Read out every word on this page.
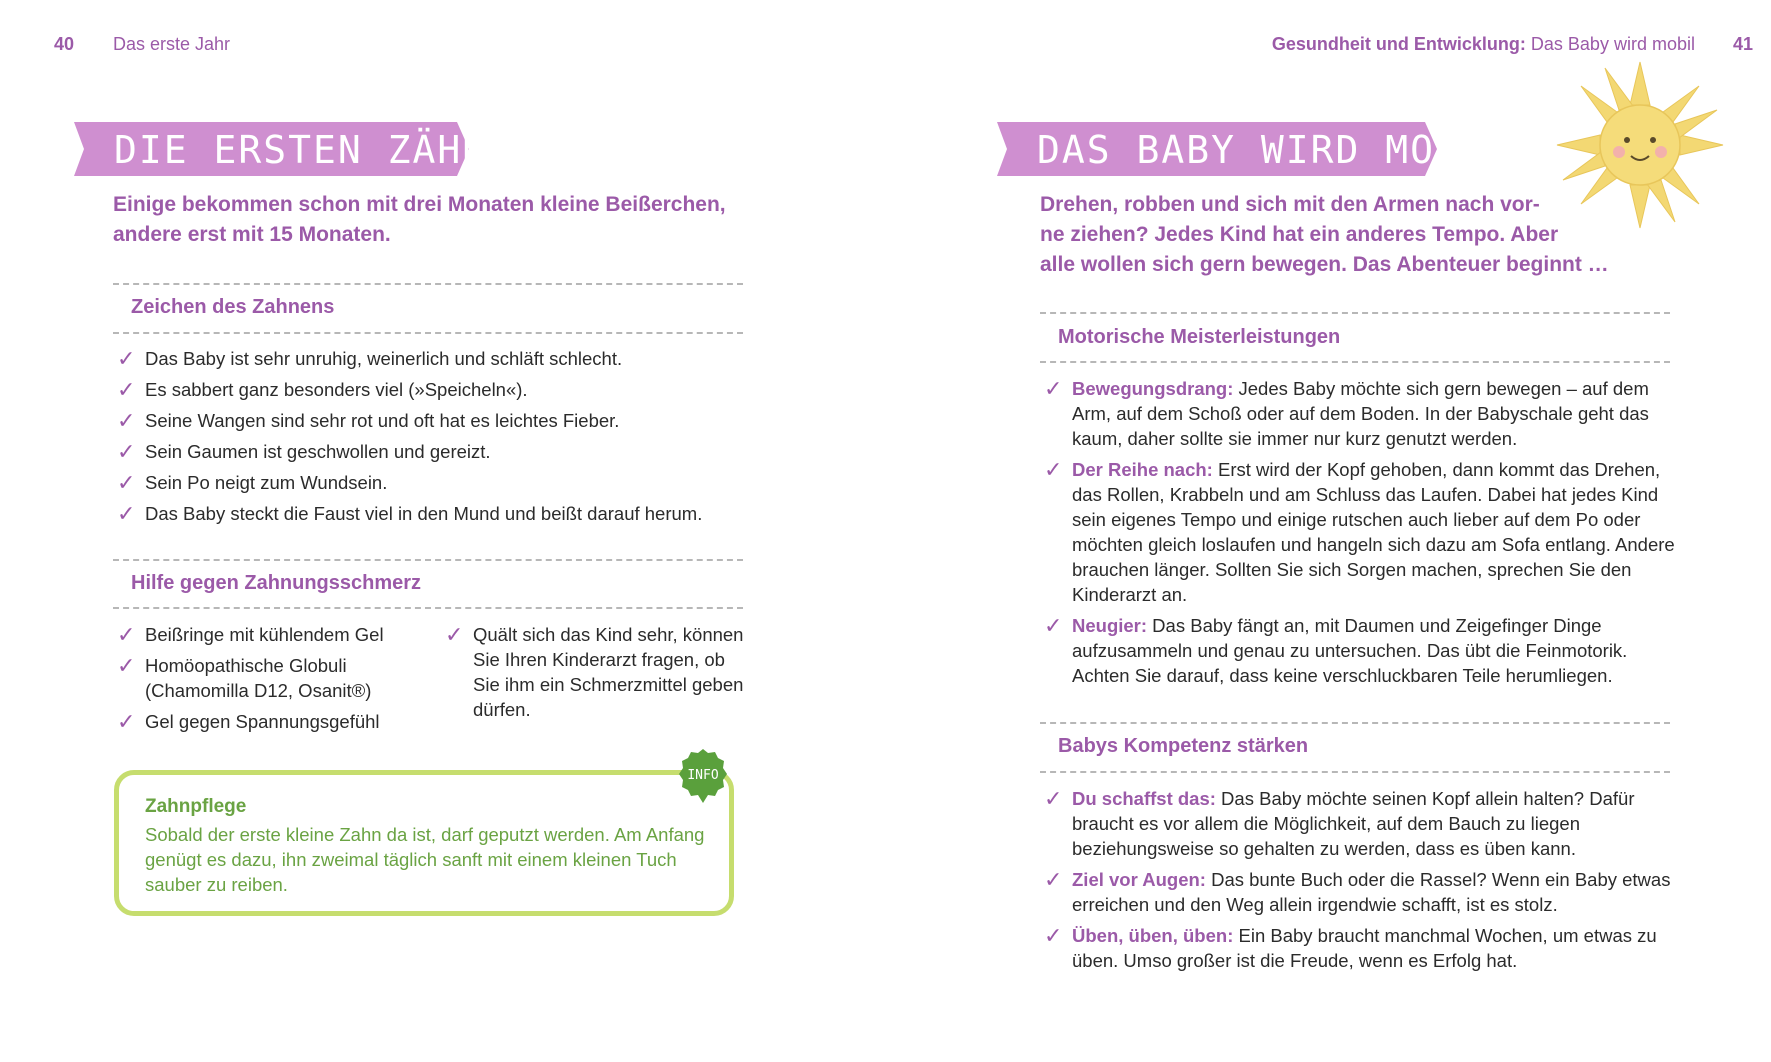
40 Das erste Jahr
DIE ERSTEN ZÄHNE
Einige bekommen schon mit drei Monaten kleine Beißerchen,
andere erst mit 15 Monaten.
Zeichen des Zahnens
✓ Das Baby ist sehr unruhig, weinerlich und schläft schlecht.
✓ Es sabbert ganz besonders viel (»Speicheln«).
✓ Seine Wangen sind sehr rot und oft hat es leichtes Fieber.
✓ Sein Gaumen ist geschwollen und gereizt.
✓ Sein Po neigt zum Wundsein.
✓ Das Baby steckt die Faust viel in den Mund und beißt darauf herum.
Hilfe gegen Zahnungsschmerz
✓ Beißringe mit kühlendem Gel
✓ Homöopathische Globuli (Chamomilla D12, Osanit®)
✓ Gel gegen Spannungsgefühl
✓ Quält sich das Kind sehr, können Sie Ihren Kinderarzt fragen, ob Sie ihm ein Schmerzmittel geben dürfen.
INFO
Zahnpflege
Sobald der erste kleine Zahn da ist, darf geputzt werden. Am Anfang genügt es dazu, ihn zweimal täglich sanft mit einem kleinen Tuch sauber zu reiben.
Gesundheit und Entwicklung: Das Baby wird mobil 41
DAS BABY WIRD MOBIL
Drehen, robben und sich mit den Armen nach vor-
ne ziehen? Jedes Kind hat ein anderes Tempo. Aber
alle wollen sich gern bewegen. Das Abenteuer beginnt …
Motorische Meisterleistungen
✓ Bewegungsdrang: Jedes Baby möchte sich gern bewegen – auf dem Arm, auf dem Schoß oder auf dem Boden. In der Babyschale geht das kaum, daher sollte sie immer nur kurz genutzt werden.
✓ Der Reihe nach: Erst wird der Kopf gehoben, dann kommt das Drehen, das Rollen, Krabbeln und am Schluss das Laufen. Dabei hat jedes Kind sein eigenes Tempo und einige rutschen auch lieber auf dem Po oder möchten gleich loslaufen und hangeln sich dazu am Sofa entlang. Andere brauchen länger. Sollten Sie sich Sorgen machen, sprechen Sie den Kinderarzt an.
✓ Neugier: Das Baby fängt an, mit Daumen und Zeigefinger Dinge aufzusammeln und genau zu untersuchen. Das übt die Feinmotorik. Achten Sie darauf, dass keine verschluckbaren Teile herumliegen.
Babys Kompetenz stärken
✓ Du schaffst das: Das Baby möchte seinen Kopf allein halten? Dafür braucht es vor allem die Möglichkeit, auf dem Bauch zu liegen beziehungsweise so gehalten zu werden, dass es üben kann.
✓ Ziel vor Augen: Das bunte Buch oder die Rassel? Wenn ein Baby etwas erreichen und den Weg allein irgendwie schafft, ist es stolz.
✓ Üben, üben, üben: Ein Baby braucht manchmal Wochen, um etwas zu üben. Umso großer ist die Freude, wenn es Erfolg hat.
